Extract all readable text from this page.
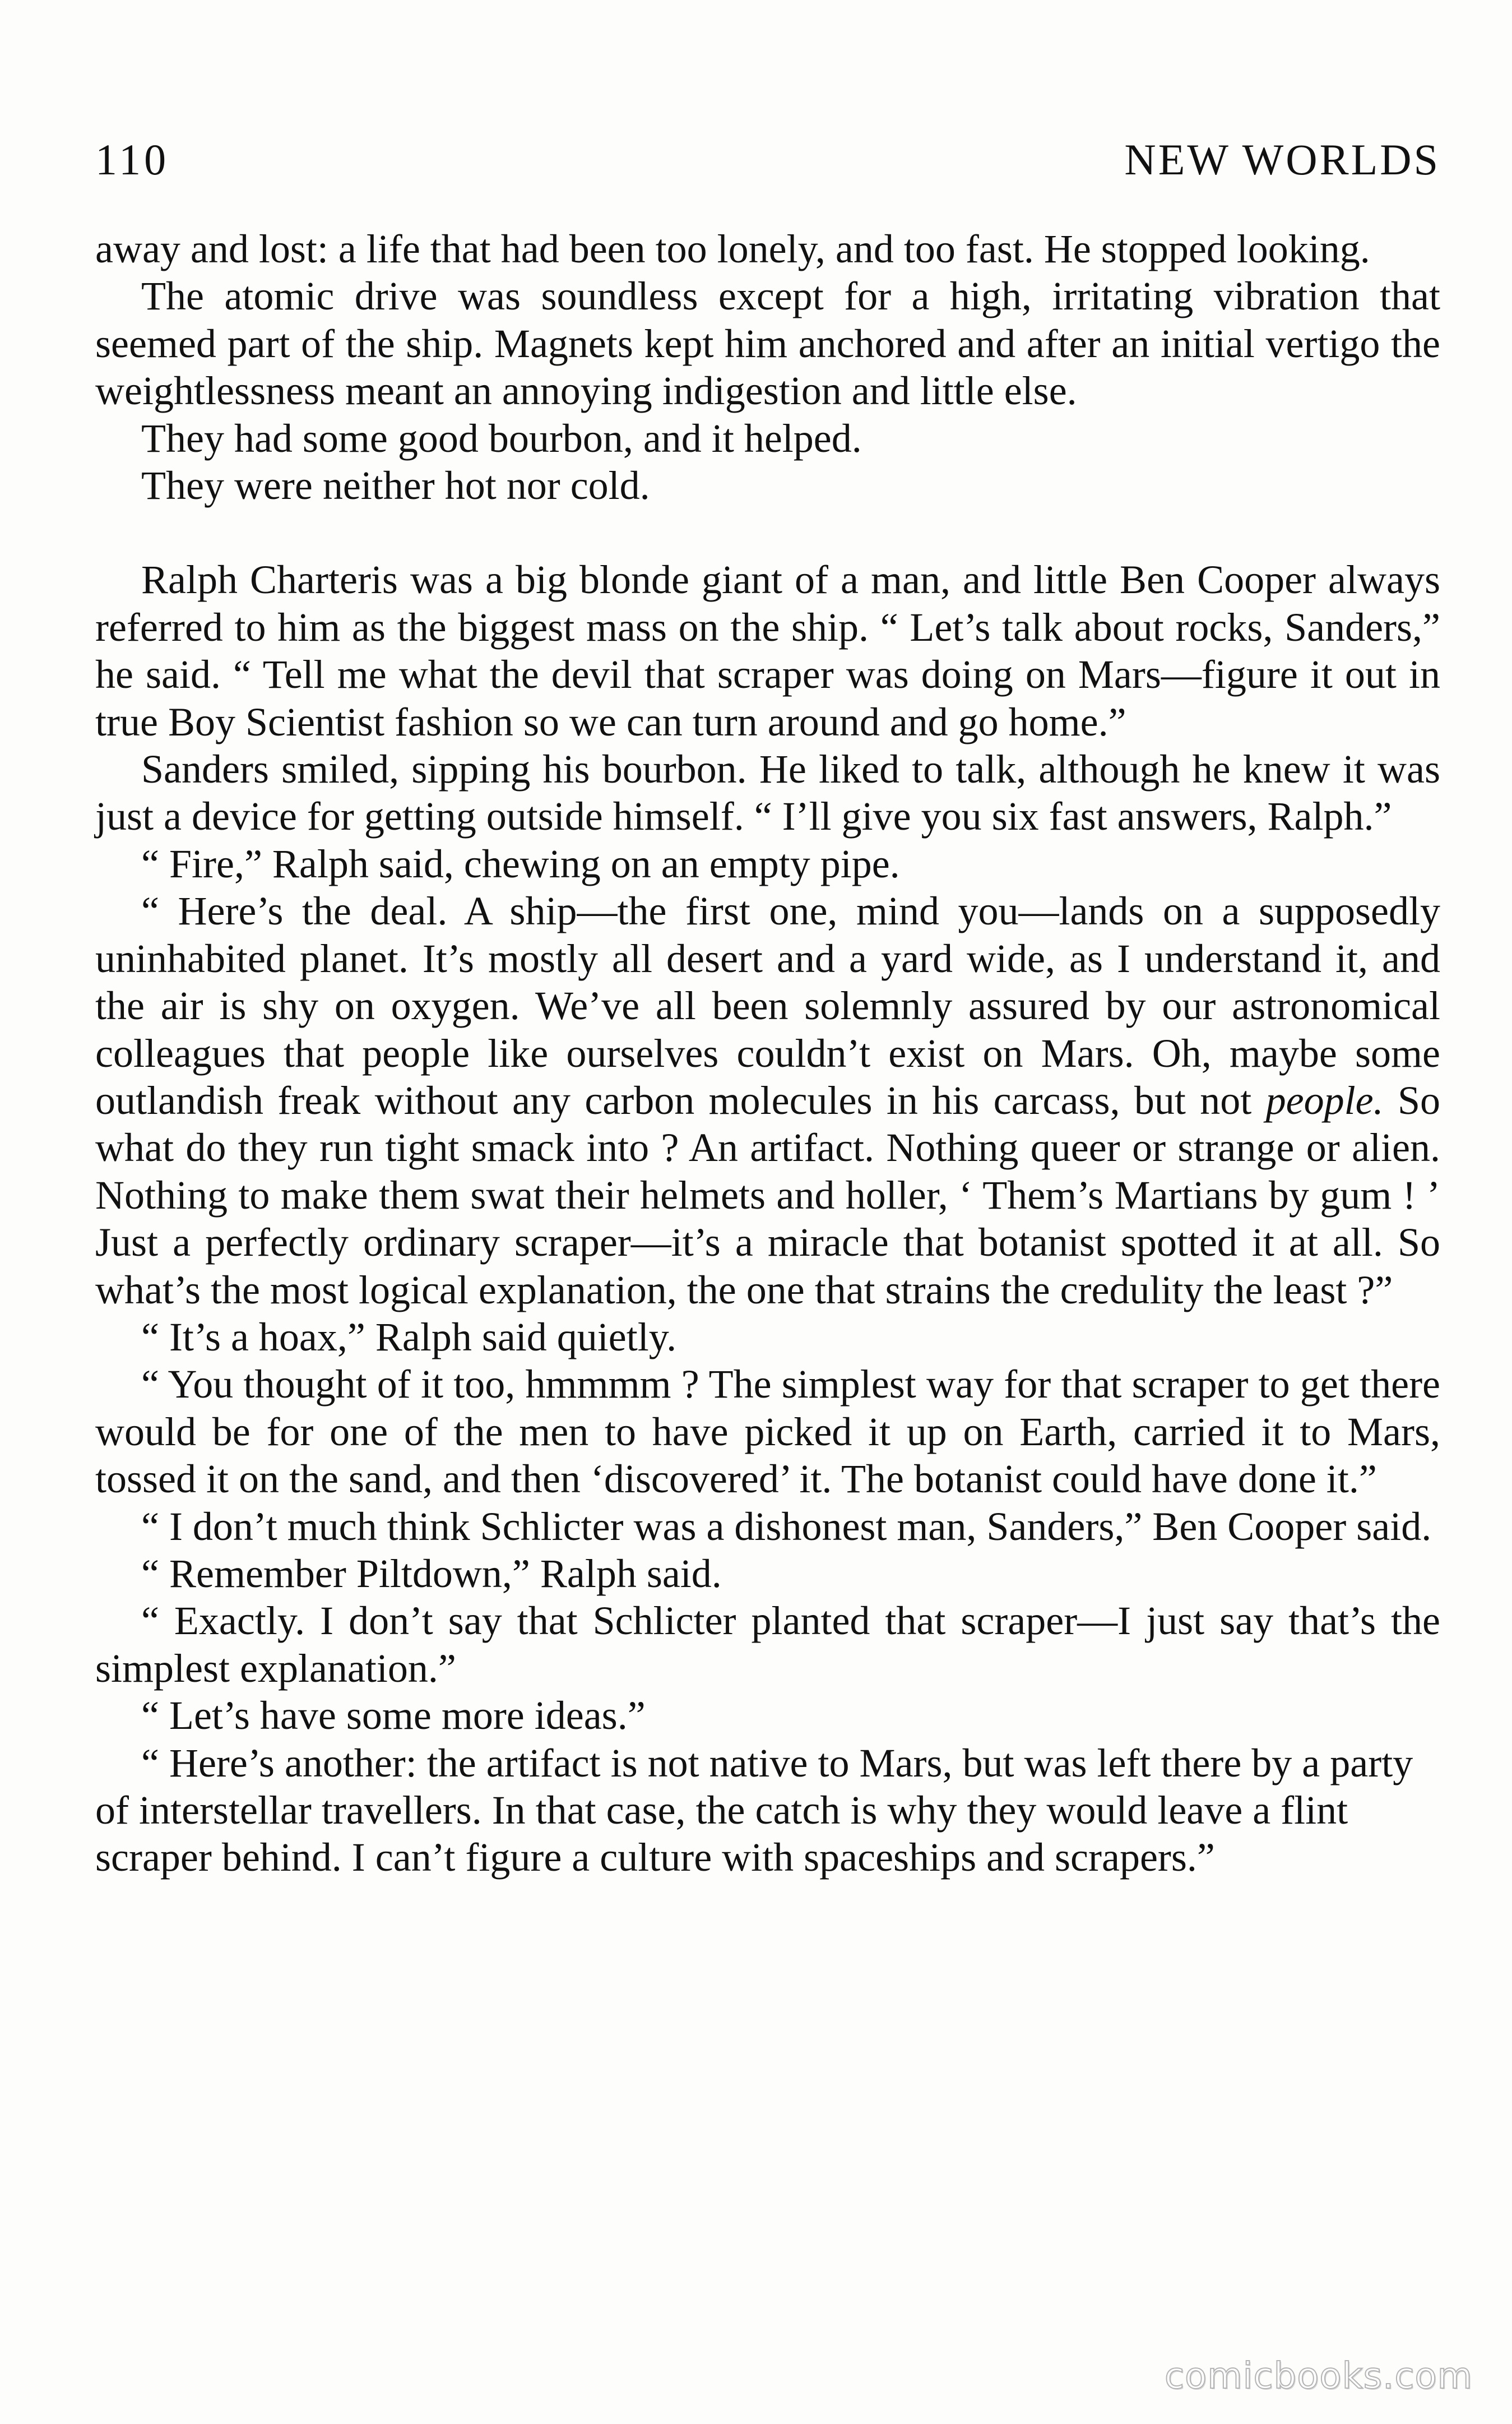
110	NEW WORLDS

away and lost: a life that had been too lonely, and too fast. He stopped looking.

The atomic drive was soundless except for a high, irritating vibration that seemed part of the ship. Magnets kept him anchored and after an initial vertigo the weightlessness meant an annoying indigestion and little else.

They had some good bourbon, and it helped.

They were neither hot nor cold.

Ralph Charteris was a big blonde giant of a man, and little Ben Cooper always referred to him as the biggest mass on the ship. “ Let’s talk about rocks, Sanders,” he said. “ Tell me what the devil that scraper was doing on Mars—figure it out in true Boy Scientist fashion so we can turn around and go home.”

Sanders smiled, sipping his bourbon. He liked to talk, although he knew it was just a device for getting outside himself. “ I’ll give you six fast answers, Ralph.”

“ Fire,” Ralph said, chewing on an empty pipe.

“ Here’s the deal. A ship—the first one, mind you—lands on a supposedly uninhabited planet. It’s mostly all desert and a yard wide, as I understand it, and the air is shy on oxygen. We’ve all been solemnly assured by our astronomical colleagues that people like ourselves couldn’t exist on Mars. Oh, maybe some outlandish freak without any carbon molecules in his carcass, but not people. So what do they run tight smack into ? An artifact. Nothing queer or strange or alien. Nothing to make them swat their helmets and holler, ‘ Them’s Martians by gum ! ’ Just a perfectly ordinary scraper—it’s a miracle that botanist spotted it at all. So what’s the most logical explanation, the one that strains the credulity the least ?”

“ It’s a hoax,” Ralph said quietly.

“ You thought of it too, hmmmm ? The simplest way for that scraper to get there would be for one of the men to have picked it up on Earth, carried it to Mars, tossed it on the sand, and then ‘discovered’ it. The botanist could have done it.”

“ I don’t much think Schlicter was a dishonest man, Sanders,” Ben Cooper said.

“ Remember Piltdown,” Ralph said.

“ Exactly. I don’t say that Schlicter planted that scraper—I just say that’s the simplest explanation.”

“ Let’s have some more ideas.”

“ Here’s another: the artifact is not native to Mars, but was left there by a party of interstellar travellers. In that case, the catch is why they would leave a flint scraper behind. I can’t figure a culture with spaceships and scrapers.”

comicbooks.com
